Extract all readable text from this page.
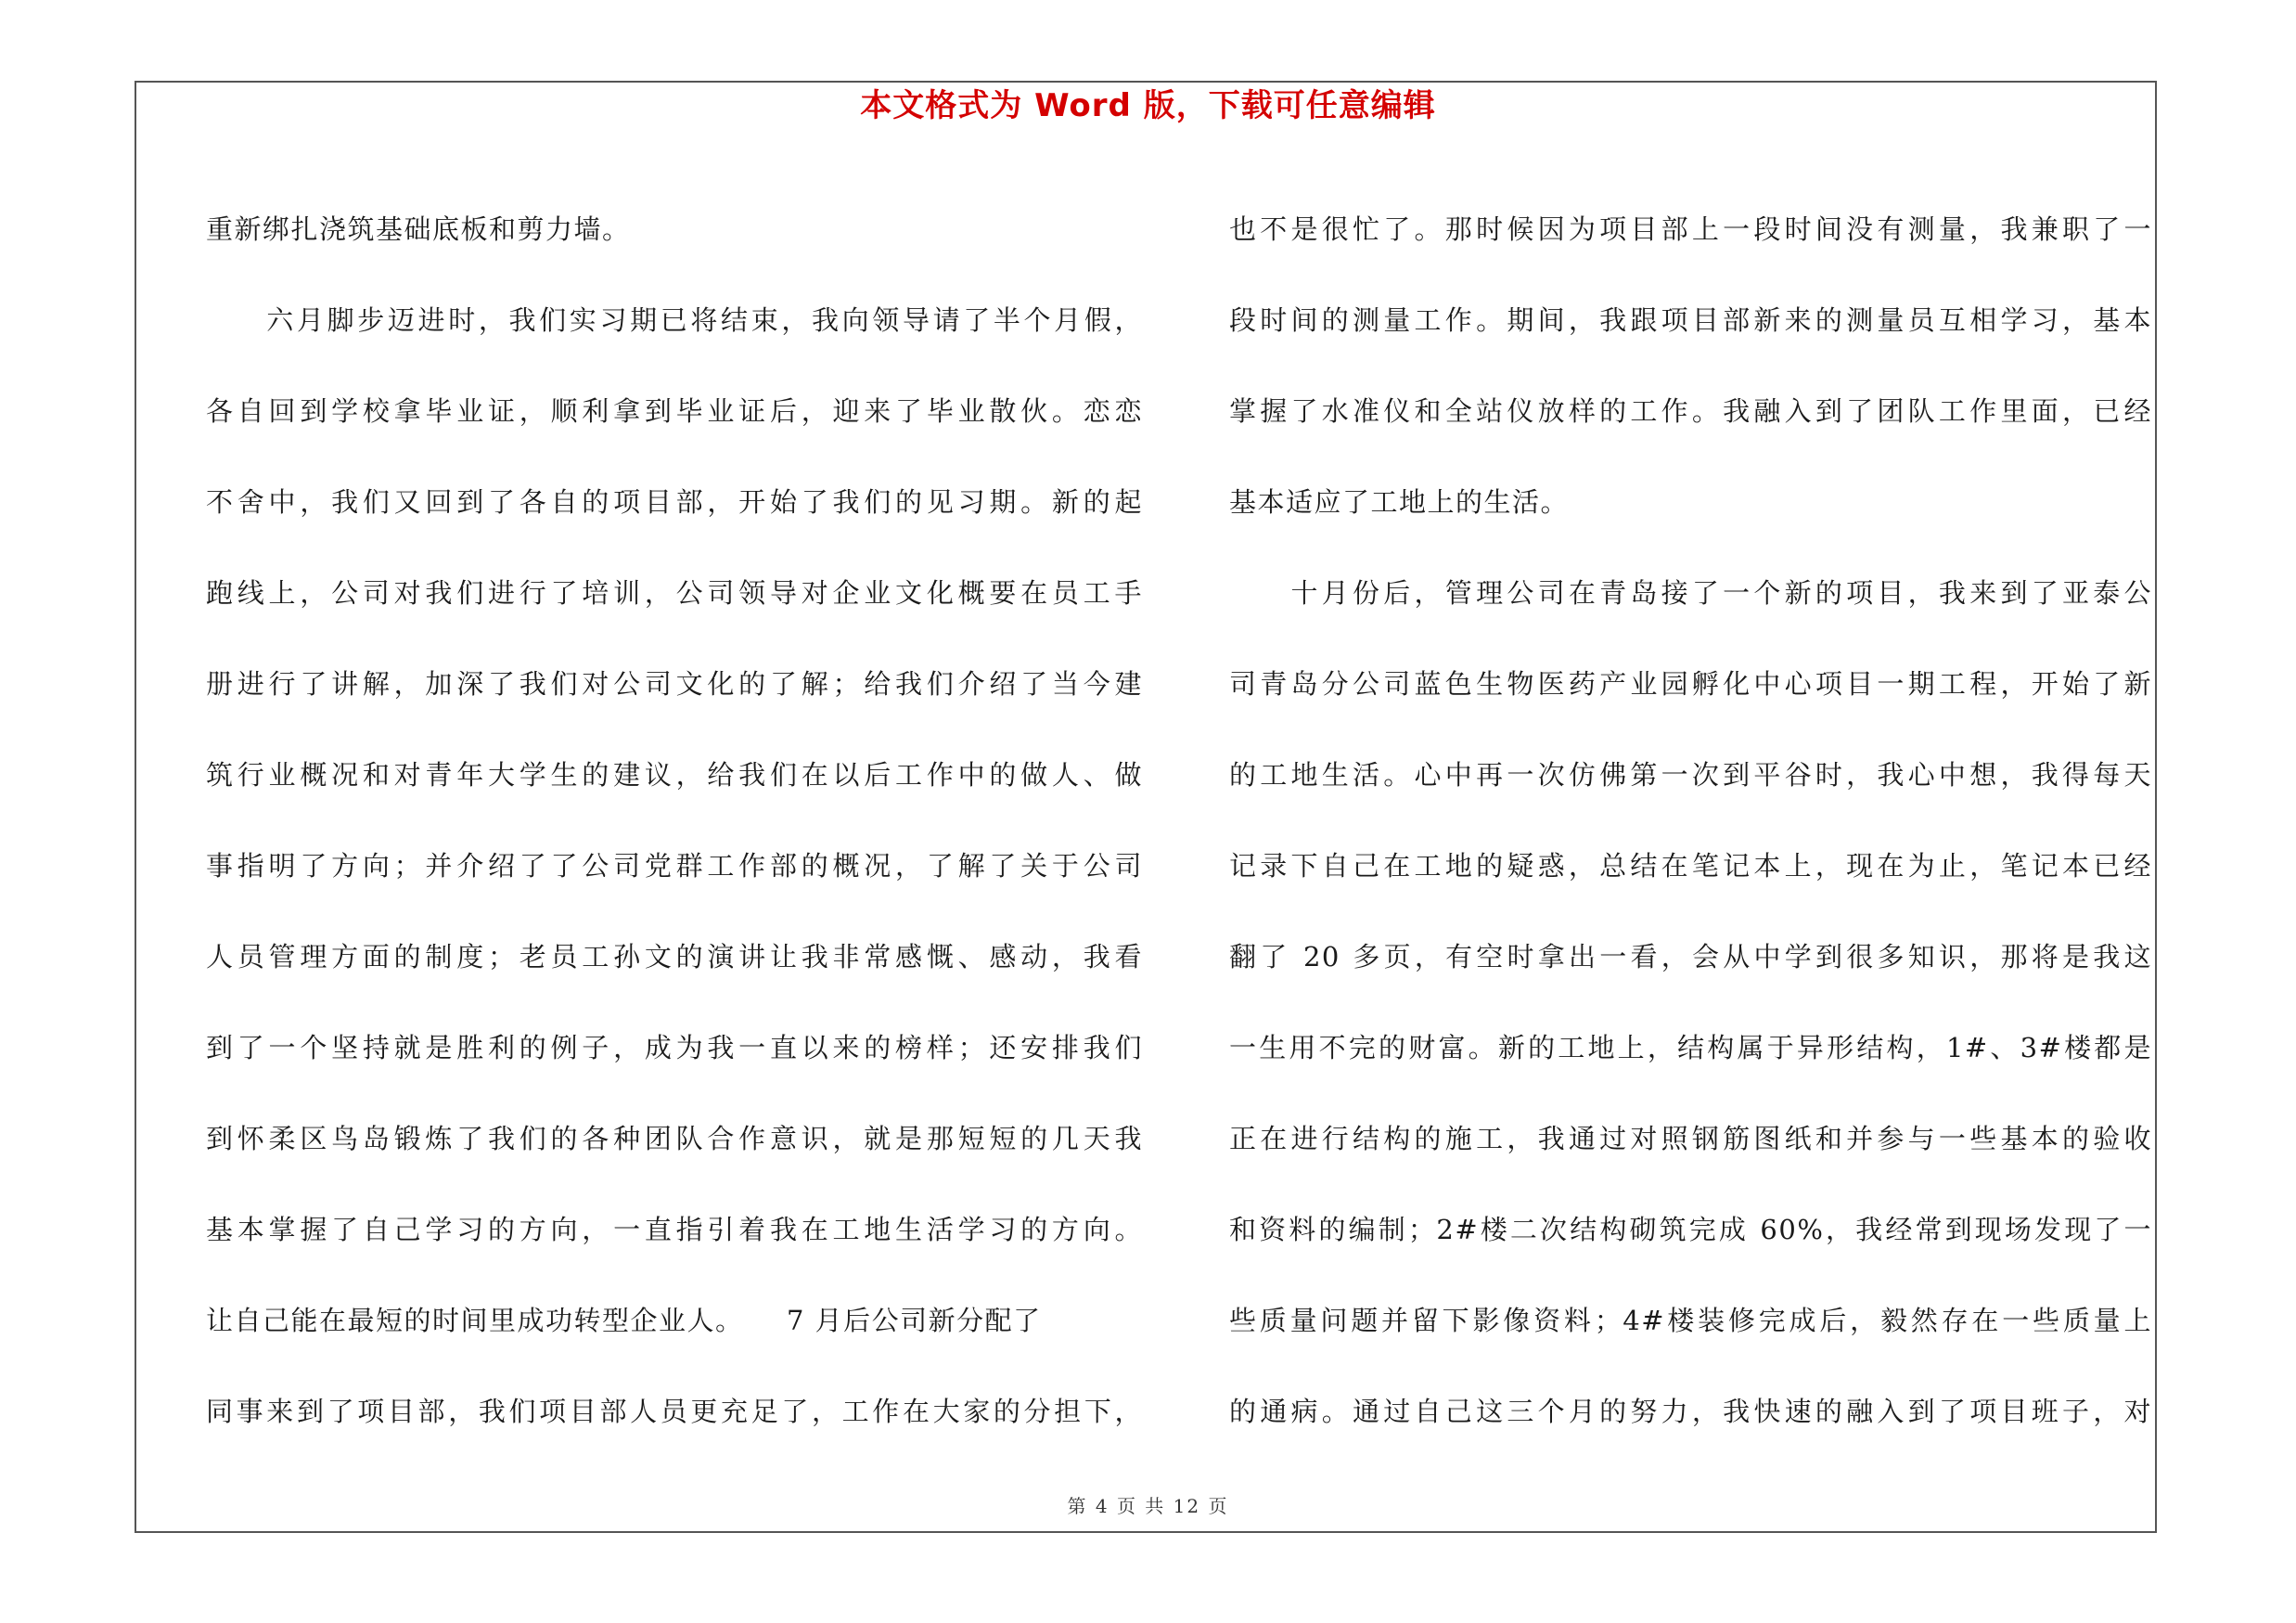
本文格式为 Word 版，下载可任意编辑
重新绑扎浇筑基础底板和剪力墙。
　　六月脚步迈进时，我们实习期已将结束，我向领导请了半个月假，
各自回到学校拿毕业证，顺利拿到毕业证后，迎来了毕业散伙。恋恋
不舍中，我们又回到了各自的项目部，开始了我们的见习期。新的起
跑线上，公司对我们进行了培训，公司领导对企业文化概要在员工手
册进行了讲解，加深了我们对公司文化的了解；给我们介绍了当今建
筑行业概况和对青年大学生的建议，给我们在以后工作中的做人、做
事指明了方向；并介绍了了公司党群工作部的概况，了解了关于公司
人员管理方面的制度；老员工孙文的演讲让我非常感慨、感动，我看
到了一个坚持就是胜利的例子，成为我一直以来的榜样；还安排我们
到怀柔区鸟岛锻炼了我们的各种团队合作意识，就是那短短的几天我
基本掌握了自己学习的方向，一直指引着我在工地生活学习的方向。
让自己能在最短的时间里成功转型企业人。　　7 月后公司新分配了
同事来到了项目部，我们项目部人员更充足了，工作在大家的分担下，
也不是很忙了。那时候因为项目部上一段时间没有测量，我兼职了一
段时间的测量工作。期间，我跟项目部新来的测量员互相学习，基本
掌握了水准仪和全站仪放样的工作。我融入到了团队工作里面，已经
基本适应了工地上的生活。
　　十月份后，管理公司在青岛接了一个新的项目，我来到了亚泰公
司青岛分公司蓝色生物医药产业园孵化中心项目一期工程，开始了新
的工地生活。心中再一次仿佛第一次到平谷时，我心中想，我得每天
记录下自己在工地的疑惑，总结在笔记本上，现在为止，笔记本已经
翻了 20 多页，有空时拿出一看，会从中学到很多知识，那将是我这
一生用不完的财富。新的工地上，结构属于异形结构，1#、3#楼都是
正在进行结构的施工，我通过对照钢筋图纸和并参与一些基本的验收
和资料的编制；2#楼二次结构砌筑完成 60%，我经常到现场发现了一
些质量问题并留下影像资料；4#楼装修完成后，毅然存在一些质量上
的通病。通过自己这三个月的努力，我快速的融入到了项目班子，对
第 4 页 共 12 页
